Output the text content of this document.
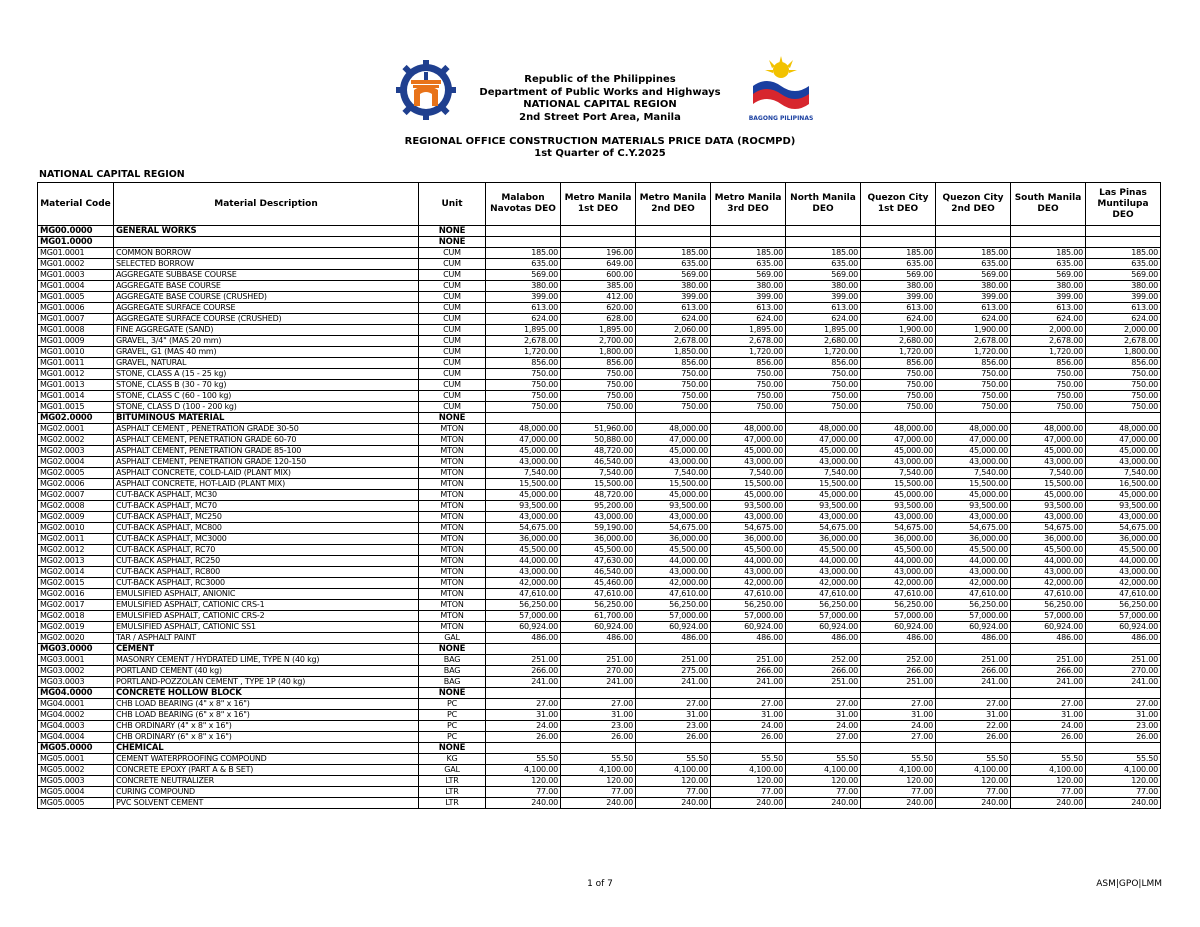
BAGONG PILIPINAS
Republic of the Philippines
Department of Public Works and Highways
NATIONAL CAPITAL REGION
2nd Street Port Area, Manila
REGIONAL OFFICE CONSTRUCTION MATERIALS PRICE DATA (ROCMPD)
1st Quarter of C.Y.2025
NATIONAL CAPITAL REGION
Material Code	Material Description	Unit	Malabon Navotas DEO	Metro Manila 1st DEO	Metro Manila 2nd DEO	Metro Manila 3rd DEO	North Manila DEO	Quezon City 1st DEO	Quezon City 2nd DEO	South Manila DEO	Las Pinas Muntilupa DEO
MG00.0000	GENERAL WORKS	NONE									
MG01.0000		NONE									
MG01.0001	COMMON BORROW	CUM	185.00	196.00	185.00	185.00	185.00	185.00	185.00	185.00	185.00
MG01.0002	SELECTED BORROW	CUM	635.00	649.00	635.00	635.00	635.00	635.00	635.00	635.00	635.00
MG01.0003	AGGREGATE SUBBASE COURSE	CUM	569.00	600.00	569.00	569.00	569.00	569.00	569.00	569.00	569.00
MG01.0004	AGGREGATE BASE COURSE	CUM	380.00	385.00	380.00	380.00	380.00	380.00	380.00	380.00	380.00
MG01.0005	AGGREGATE BASE COURSE (CRUSHED)	CUM	399.00	412.00	399.00	399.00	399.00	399.00	399.00	399.00	399.00
MG01.0006	AGGREGATE SURFACE COURSE	CUM	613.00	620.00	613.00	613.00	613.00	613.00	613.00	613.00	613.00
MG01.0007	AGGREGATE SURFACE COURSE (CRUSHED)	CUM	624.00	628.00	624.00	624.00	624.00	624.00	624.00	624.00	624.00
MG01.0008	FINE AGGREGATE (SAND)	CUM	1,895.00	1,895.00	2,060.00	1,895.00	1,895.00	1,900.00	1,900.00	2,000.00	2,000.00
MG01.0009	GRAVEL, 3/4" (MAS 20 mm)	CUM	2,678.00	2,700.00	2,678.00	2,678.00	2,680.00	2,680.00	2,678.00	2,678.00	2,678.00
MG01.0010	GRAVEL, G1 (MAS 40 mm)	CUM	1,720.00	1,800.00	1,850.00	1,720.00	1,720.00	1,720.00	1,720.00	1,720.00	1,800.00
MG01.0011	GRAVEL, NATURAL	CUM	856.00	856.00	856.00	856.00	856.00	856.00	856.00	856.00	856.00
MG01.0012	STONE, CLASS A (15 - 25 kg)	CUM	750.00	750.00	750.00	750.00	750.00	750.00	750.00	750.00	750.00
MG01.0013	STONE, CLASS B (30 - 70 kg)	CUM	750.00	750.00	750.00	750.00	750.00	750.00	750.00	750.00	750.00
MG01.0014	STONE, CLASS C (60 - 100 kg)	CUM	750.00	750.00	750.00	750.00	750.00	750.00	750.00	750.00	750.00
MG01.0015	STONE, CLASS D (100 - 200 kg)	CUM	750.00	750.00	750.00	750.00	750.00	750.00	750.00	750.00	750.00
MG02.0000	BITUMINOUS MATERIAL	NONE									
MG02.0001	ASPHALT CEMENT , PENETRATION GRADE 30-50	MTON	48,000.00	51,960.00	48,000.00	48,000.00	48,000.00	48,000.00	48,000.00	48,000.00	48,000.00
MG02.0002	ASPHALT CEMENT, PENETRATION GRADE 60-70	MTON	47,000.00	50,880.00	47,000.00	47,000.00	47,000.00	47,000.00	47,000.00	47,000.00	47,000.00
MG02.0003	ASPHALT CEMENT, PENETRATION GRADE 85-100	MTON	45,000.00	48,720.00	45,000.00	45,000.00	45,000.00	45,000.00	45,000.00	45,000.00	45,000.00
MG02.0004	ASPHALT CEMENT, PENETRATION GRADE 120-150	MTON	43,000.00	46,540.00	43,000.00	43,000.00	43,000.00	43,000.00	43,000.00	43,000.00	43,000.00
MG02.0005	ASPHALT CONCRETE, COLD-LAID (PLANT MIX)	MTON	7,540.00	7,540.00	7,540.00	7,540.00	7,540.00	7,540.00	7,540.00	7,540.00	7,540.00
MG02.0006	ASPHALT CONCRETE, HOT-LAID (PLANT MIX)	MTON	15,500.00	15,500.00	15,500.00	15,500.00	15,500.00	15,500.00	15,500.00	15,500.00	16,500.00
MG02.0007	CUT-BACK ASPHALT, MC30	MTON	45,000.00	48,720.00	45,000.00	45,000.00	45,000.00	45,000.00	45,000.00	45,000.00	45,000.00
MG02.0008	CUT-BACK ASPHALT, MC70	MTON	93,500.00	95,200.00	93,500.00	93,500.00	93,500.00	93,500.00	93,500.00	93,500.00	93,500.00
MG02.0009	CUT-BACK ASPHALT, MC250	MTON	43,000.00	43,000.00	43,000.00	43,000.00	43,000.00	43,000.00	43,000.00	43,000.00	43,000.00
MG02.0010	CUT-BACK ASPHALT, MC800	MTON	54,675.00	59,190.00	54,675.00	54,675.00	54,675.00	54,675.00	54,675.00	54,675.00	54,675.00
MG02.0011	CUT-BACK ASPHALT, MC3000	MTON	36,000.00	36,000.00	36,000.00	36,000.00	36,000.00	36,000.00	36,000.00	36,000.00	36,000.00
MG02.0012	CUT-BACK ASPHALT, RC70	MTON	45,500.00	45,500.00	45,500.00	45,500.00	45,500.00	45,500.00	45,500.00	45,500.00	45,500.00
MG02.0013	CUT-BACK ASPHALT, RC250	MTON	44,000.00	47,630.00	44,000.00	44,000.00	44,000.00	44,000.00	44,000.00	44,000.00	44,000.00
MG02.0014	CUT-BACK ASPHALT, RC800	MTON	43,000.00	46,540.00	43,000.00	43,000.00	43,000.00	43,000.00	43,000.00	43,000.00	43,000.00
MG02.0015	CUT-BACK ASPHALT, RC3000	MTON	42,000.00	45,460.00	42,000.00	42,000.00	42,000.00	42,000.00	42,000.00	42,000.00	42,000.00
MG02.0016	EMULSIFIED ASPHALT, ANIONIC	MTON	47,610.00	47,610.00	47,610.00	47,610.00	47,610.00	47,610.00	47,610.00	47,610.00	47,610.00
MG02.0017	EMULSIFIED ASPHALT, CATIONIC CRS-1	MTON	56,250.00	56,250.00	56,250.00	56,250.00	56,250.00	56,250.00	56,250.00	56,250.00	56,250.00
MG02.0018	EMULSIFIED ASPHALT, CATIONIC CRS-2	MTON	57,000.00	61,700.00	57,000.00	57,000.00	57,000.00	57,000.00	57,000.00	57,000.00	57,000.00
MG02.0019	EMULSIFIED ASPHALT, CATIONIC SS1	MTON	60,924.00	60,924.00	60,924.00	60,924.00	60,924.00	60,924.00	60,924.00	60,924.00	60,924.00
MG02.0020	TAR / ASPHALT PAINT	GAL	486.00	486.00	486.00	486.00	486.00	486.00	486.00	486.00	486.00
MG03.0000	CEMENT	NONE									
MG03.0001	MASONRY CEMENT / HYDRATED LIME, TYPE N (40 kg)	BAG	251.00	251.00	251.00	251.00	252.00	252.00	251.00	251.00	251.00
MG03.0002	PORTLAND CEMENT (40 kg)	BAG	266.00	270.00	275.00	266.00	266.00	266.00	266.00	266.00	270.00
MG03.0003	PORTLAND-POZZOLAN CEMENT , TYPE 1P (40 kg)	BAG	241.00	241.00	241.00	241.00	251.00	251.00	241.00	241.00	241.00
MG04.0000	CONCRETE HOLLOW BLOCK	NONE									
MG04.0001	CHB LOAD BEARING (4" x 8" x 16")	PC	27.00	27.00	27.00	27.00	27.00	27.00	27.00	27.00	27.00
MG04.0002	CHB LOAD BEARING (6" x 8" x 16")	PC	31.00	31.00	31.00	31.00	31.00	31.00	31.00	31.00	31.00
MG04.0003	CHB ORDINARY (4" x 8" x 16")	PC	24.00	23.00	23.00	24.00	24.00	24.00	22.00	24.00	23.00
MG04.0004	CHB ORDINARY (6" x 8" x 16")	PC	26.00	26.00	26.00	26.00	27.00	27.00	26.00	26.00	26.00
MG05.0000	CHEMICAL	NONE									
MG05.0001	CEMENT WATERPROOFING COMPOUND	KG	55.50	55.50	55.50	55.50	55.50	55.50	55.50	55.50	55.50
MG05.0002	CONCRETE EPOXY (PART A & B SET)	GAL	4,100.00	4,100.00	4,100.00	4,100.00	4,100.00	4,100.00	4,100.00	4,100.00	4,100.00
MG05.0003	CONCRETE NEUTRALIZER	LTR	120.00	120.00	120.00	120.00	120.00	120.00	120.00	120.00	120.00
MG05.0004	CURING COMPOUND	LTR	77.00	77.00	77.00	77.00	77.00	77.00	77.00	77.00	77.00
MG05.0005	PVC SOLVENT CEMENT	LTR	240.00	240.00	240.00	240.00	240.00	240.00	240.00	240.00	240.00
1 of 7	ASM|GPO|LMM
